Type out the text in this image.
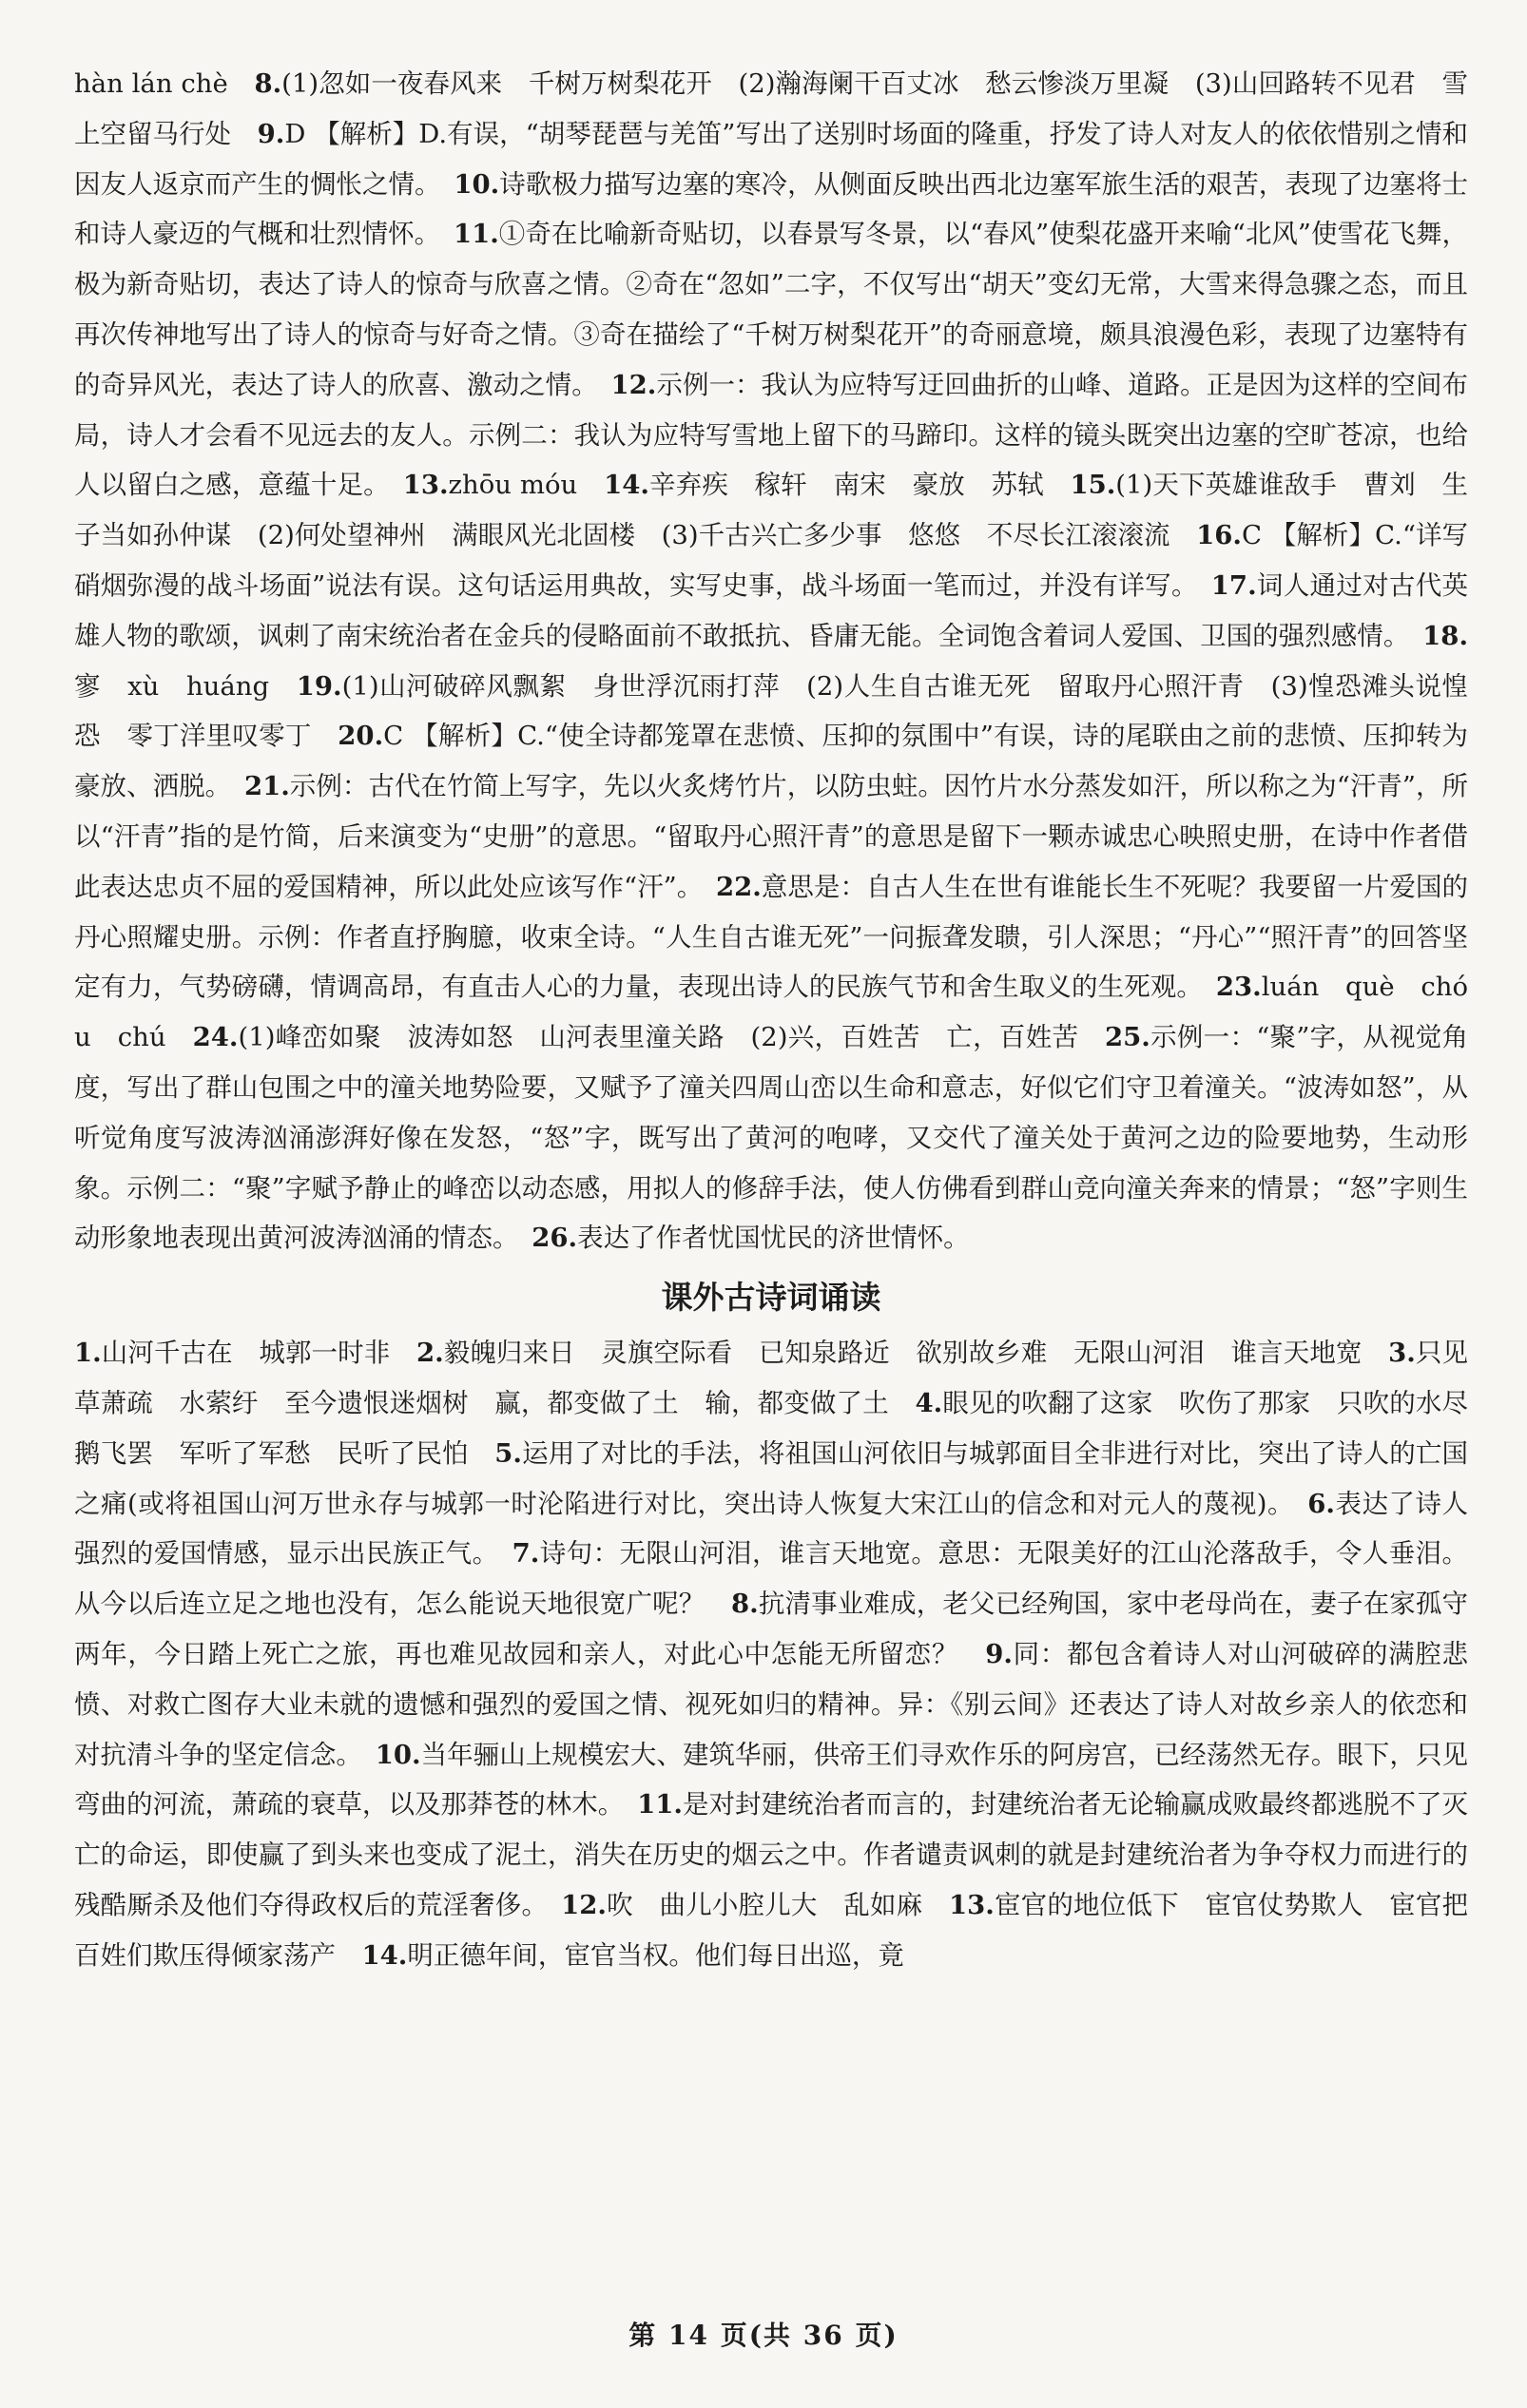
hàn lán chè　 8.(1)忽如一夜春风来　千树万树梨花开　(2)瀚海阑干百丈冰　愁云惨淡万里凝　(3)山回路转不见君　雪上空留马行处　 9.D 【解析】D.有误，“胡琴琵琶与羌笛”写出了送别时场面的隆重，抒发了诗人对友人的依依惜别之情和因友人返京而产生的惆怅之情。　 10.诗歌极力描写边塞的寒冷，从侧面反映出西北边塞军旅生活的艰苦，表现了边塞将士和诗人豪迈的气概和壮烈情怀。　 11.①奇在比喻新奇贴切，以春景写冬景，以“春风”使梨花盛开来喻“北风”使雪花飞舞，极为新奇贴切，表达了诗人的惊奇与欣喜之情。②奇在“忽如”二字，不仅写出“胡天”变幻无常，大雪来得急骤之态，而且再次传神地写出了诗人的惊奇与好奇之情。③奇在描绘了“千树万树梨花开”的奇丽意境，颇具浪漫色彩，表现了边塞特有的奇异风光，表达了诗人的欣喜、激动之情。　 12.示例一：我认为应特写迂回曲折的山峰、道路。正是因为这样的空间布局，诗人才会看不见远去的友人。示例二：我认为应特写雪地上留下的马蹄印。这样的镜头既突出边塞的空旷苍凉，也给人以留白之感，意蕴十足。　 13.zhōu móu　 14.辛弃疾　稼轩　南宋　豪放　苏轼　 15.(1)天下英雄谁敌手　曹刘　生子当如孙仲谋　(2)何处望神州　满眼风光北固楼　(3)千古兴亡多少事　悠悠　不尽长江滚滚流　 16.C 【解析】C.“详写硝烟弥漫的战斗场面”说法有误。这句话运用典故，实写史事，战斗场面一笔而过，并没有详写。　 17.词人通过对古代英雄人物的歌颂，讽刺了南宋统治者在金兵的侵略面前不敢抵抗、昏庸无能。全词饱含着词人爱国、卫国的强烈感情。　 18.寥　xù　huáng　 19.(1)山河破碎风飘絮　身世浮沉雨打萍　(2)人生自古谁无死　留取丹心照汗青　(3)惶恐滩头说惶恐　零丁洋里叹零丁　 20.C 【解析】C.“使全诗都笼罩在悲愤、压抑的氛围中”有误，诗的尾联由之前的悲愤、压抑转为豪放、洒脱。　 21.示例：古代在竹简上写字，先以火炙烤竹片，以防虫蛀。因竹片水分蒸发如汗，所以称之为“汗青”，所以“汗青”指的是竹简，后来演变为“史册”的意思。“留取丹心照汗青”的意思是留下一颗赤诚忠心映照史册，在诗中作者借此表达忠贞不屈的爱国精神，所以此处应该写作“汗”。　 22.意思是：自古人生在世有谁能长生不死呢？我要留一片爱国的丹心照耀史册。示例：作者直抒胸臆，收束全诗。“人生自古谁无死”一问振聋发聩，引人深思；“丹心”“照汗青”的回答坚定有力，气势磅礴，情调高昂，有直击人心的力量，表现出诗人的民族气节和舍生取义的生死观。　 23.luán　què　chóu　chú　 24.(1)峰峦如聚　波涛如怒　山河表里潼关路　(2)兴，百姓苦　亡，百姓苦　 25.示例一：“聚”字，从视觉角度，写出了群山包围之中的潼关地势险要，又赋予了潼关四周山峦以生命和意志，好似它们守卫着潼关。“波涛如怒”，从听觉角度写波涛汹涌澎湃好像在发怒，“怒”字，既写出了黄河的咆哮，又交代了潼关处于黄河之边的险要地势，生动形象。示例二：“聚”字赋予静止的峰峦以动态感，用拟人的修辞手法，使人仿佛看到群山竞向潼关奔来的情景；“怒”字则生动形象地表现出黄河波涛汹涌的情态。　 26.表达了作者忧国忧民的济世情怀。

课外古诗词诵读

1.山河千古在　城郭一时非　 2.毅魄归来日　灵旗空际看　已知泉路近　欲别故乡难　无限山河泪　谁言天地宽　 3.只见草萧疏　水萦纡　至今遗恨迷烟树　赢，都变做了土　输，都变做了土　 4.眼见的吹翻了这家　吹伤了那家　只吹的水尽鹅飞罢　军听了军愁　民听了民怕　 5.运用了对比的手法，将祖国山河依旧与城郭面目全非进行对比，突出了诗人的亡国之痛(或将祖国山河万世永存与城郭一时沦陷进行对比，突出诗人恢复大宋江山的信念和对元人的蔑视)。　 6.表达了诗人强烈的爱国情感，显示出民族正气。　 7.诗句：无限山河泪，谁言天地宽。意思：无限美好的江山沦落敌手，令人垂泪。从今以后连立足之地也没有，怎么能说天地很宽广呢？　 8.抗清事业难成，老父已经殉国，家中老母尚在，妻子在家孤守两年，今日踏上死亡之旅，再也难见故园和亲人，对此心中怎能无所留恋？　 9.同：都包含着诗人对山河破碎的满腔悲愤、对救亡图存大业未就的遗憾和强烈的爱国之情、视死如归的精神。异：《别云间》还表达了诗人对故乡亲人的依恋和对抗清斗争的坚定信念。　 10.当年骊山上规模宏大、建筑华丽，供帝王们寻欢作乐的阿房宫，已经荡然无存。眼下，只见弯曲的河流，萧疏的衰草，以及那莽苍的林木。　 11.是对封建统治者而言的，封建统治者无论输赢成败最终都逃脱不了灭亡的命运，即使赢了到头来也变成了泥土，消失在历史的烟云之中。作者谴责讽刺的就是封建统治者为争夺权力而进行的残酷厮杀及他们夺得政权后的荒淫奢侈。　 12.吹　曲儿小腔儿大　乱如麻　 13.宦官的地位低下　宦官仗势欺人　宦官把百姓们欺压得倾家荡产　 14.明正德年间，宦官当权。他们每日出巡，竟

第 14 页(共 36 页)
